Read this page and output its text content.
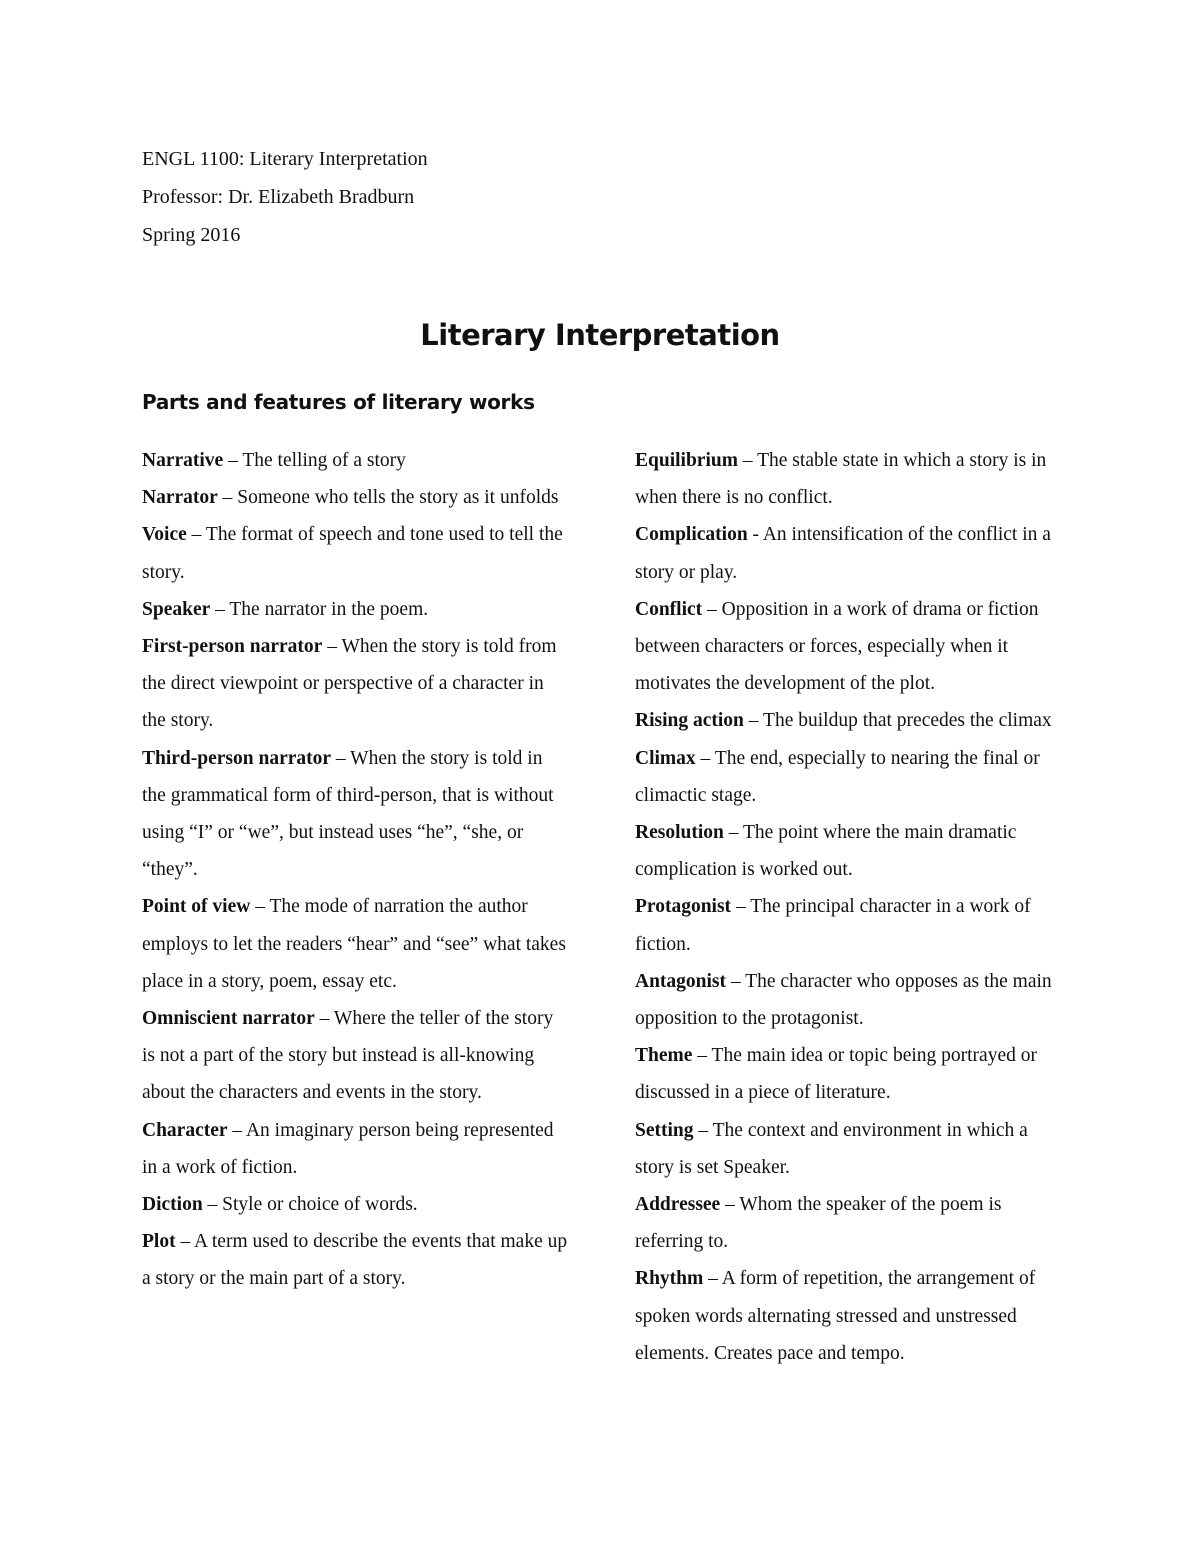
ENGL 1100: Literary Interpretation
Professor: Dr. Elizabeth Bradburn
Spring 2016
Literary Interpretation
Parts and features of literary works

Narrative – The telling of a story

Narrator – Someone who tells the story as it unfolds

Voice – The format of speech and tone used to tell the story.

Speaker – The narrator in the poem.

First-person narrator – When the story is told from the direct viewpoint or perspective of a character in the story.

Third-person narrator – When the story is told in the grammatical form of third-person, that is without using “I” or “we”, but instead uses “he”, “she, or “they”.

Point of view – The mode of narration the author employs to let the readers “hear” and “see” what takes place in a story, poem, essay etc.

Omniscient narrator – Where the teller of the story is not a part of the story but instead is all-knowing about the characters and events in the story.

Character – An imaginary person being represented in a work of fiction.

Diction – Style or choice of words.

Plot – A term used to describe the events that make up a story or the main part of a story.

Equilibrium – The stable state in which a story is in when there is no conflict.

Complication - An intensification of the conflict in a story or play.

Conflict – Opposition in a work of drama or fiction between characters or forces, especially when it motivates the development of the plot.

Rising action – The buildup that precedes the climax

Climax – The end, especially to nearing the final or climactic stage.

Resolution – The point where the main dramatic complication is worked out.

Protagonist – The principal character in a work of fiction.

Antagonist – The character who opposes as the main opposition to the protagonist.

Theme – The main idea or topic being portrayed or discussed in a piece of literature.

Setting – The context and environment in which a story is set Speaker.

Addressee – Whom the speaker of the poem is referring to.

Rhythm – A form of repetition, the arrangement of spoken words alternating stressed and unstressed elements. Creates pace and tempo.
